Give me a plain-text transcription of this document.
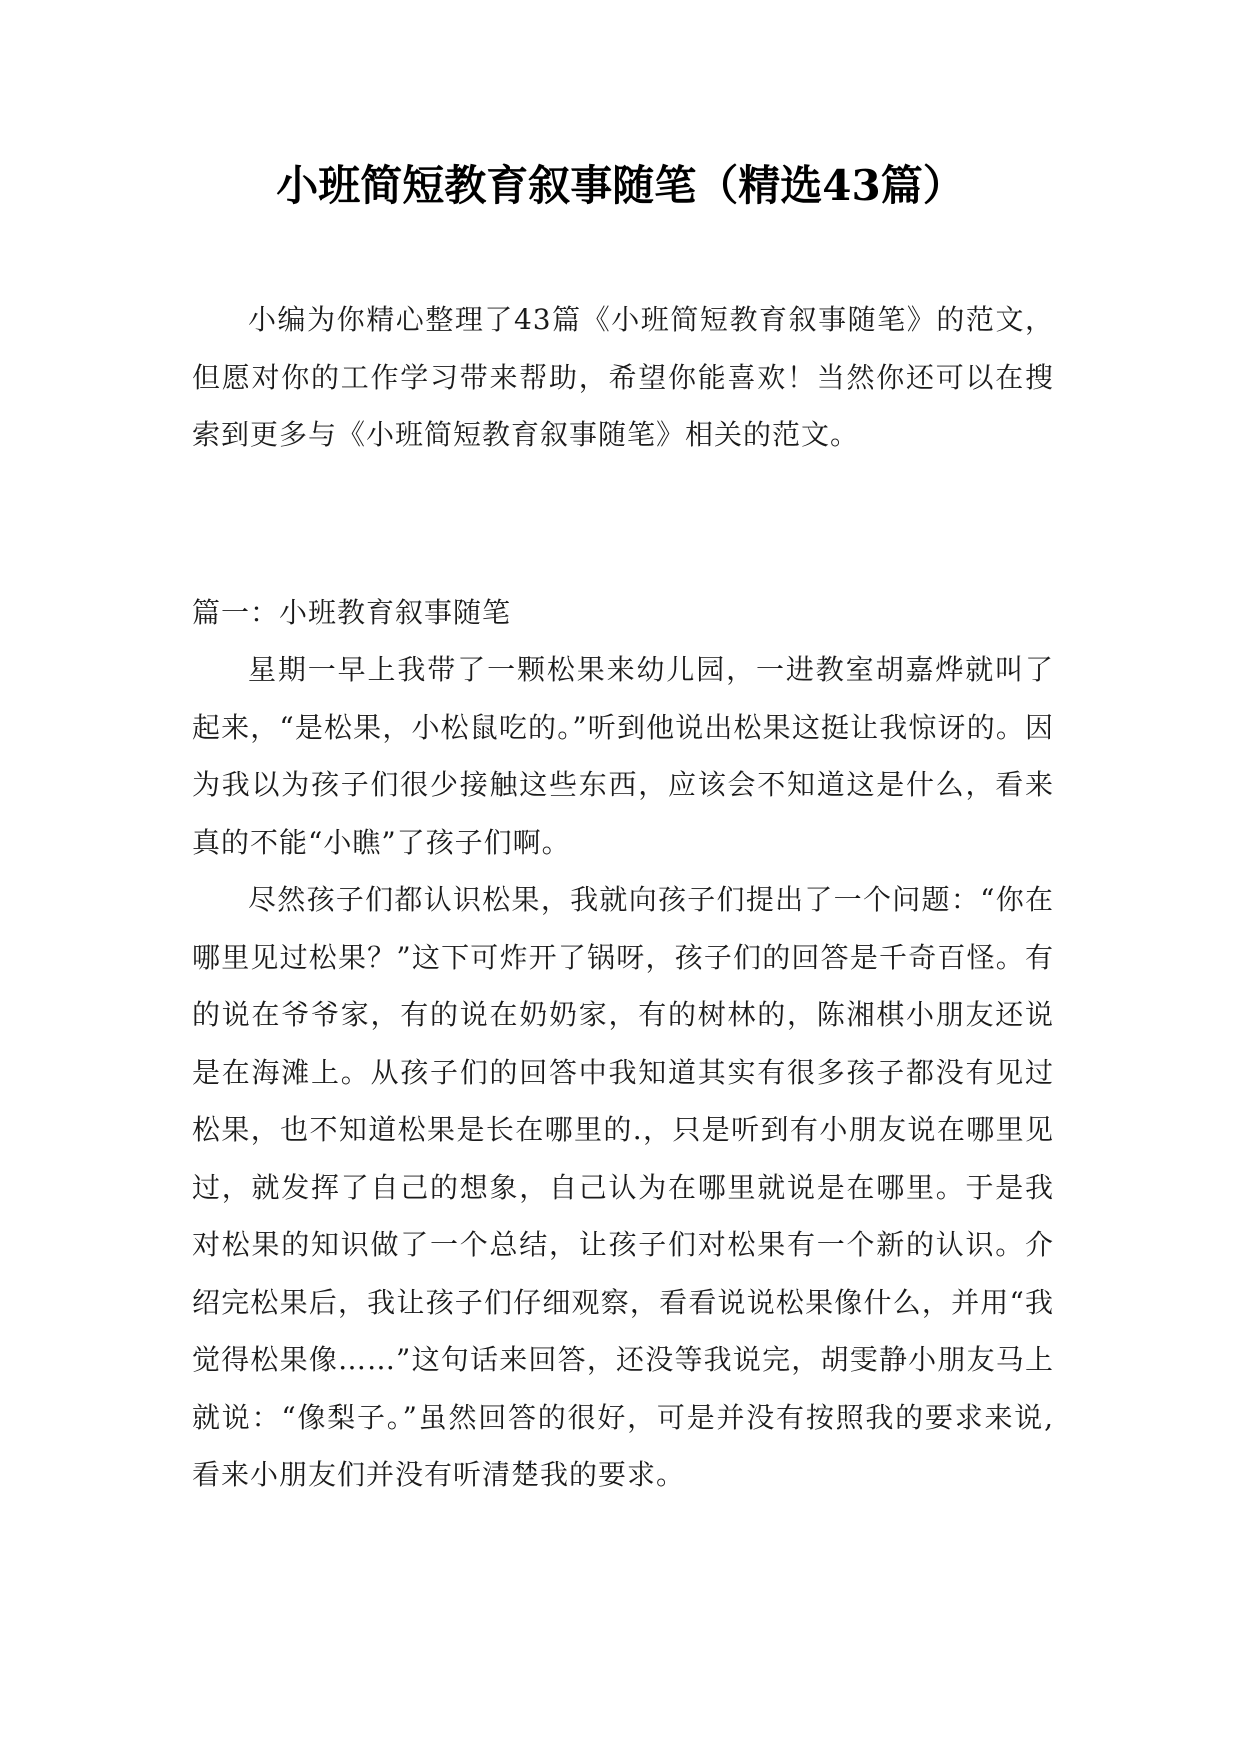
小班简短教育叙事随笔（精选43篇）

小编为你精心整理了43篇《小班简短教育叙事随笔》的范文，但愿对你的工作学习带来帮助，希望你能喜欢！当然你还可以在搜索到更多与《小班简短教育叙事随笔》相关的范文。

篇一：小班教育叙事随笔

星期一早上我带了一颗松果来幼儿园，一进教室胡嘉烨就叫了起来，“是松果，小松鼠吃的。”听到他说出松果这挺让我惊讶的。因为我以为孩子们很少接触这些东西，应该会不知道这是什么，看来真的不能“小瞧”了孩子们啊。

尽然孩子们都认识松果，我就向孩子们提出了一个问题：“你在哪里见过松果？”这下可炸开了锅呀，孩子们的回答是千奇百怪。有的说在爷爷家，有的说在奶奶家，有的树林的，陈湘棋小朋友还说是在海滩上。从孩子们的回答中我知道其实有很多孩子都没有见过松果，也不知道松果是长在哪里的.，只是听到有小朋友说在哪里见过，就发挥了自己的想象，自己认为在哪里就说是在哪里。于是我对松果的知识做了一个总结，让孩子们对松果有一个新的认识。介绍完松果后，我让孩子们仔细观察，看看说说松果像什么，并用“我觉得松果像……”这句话来回答，还没等我说完，胡雯静小朋友马上就说：“像梨子。”虽然回答的很好，可是并没有按照我的要求来说,看来小朋友们并没有听清楚我的要求。
